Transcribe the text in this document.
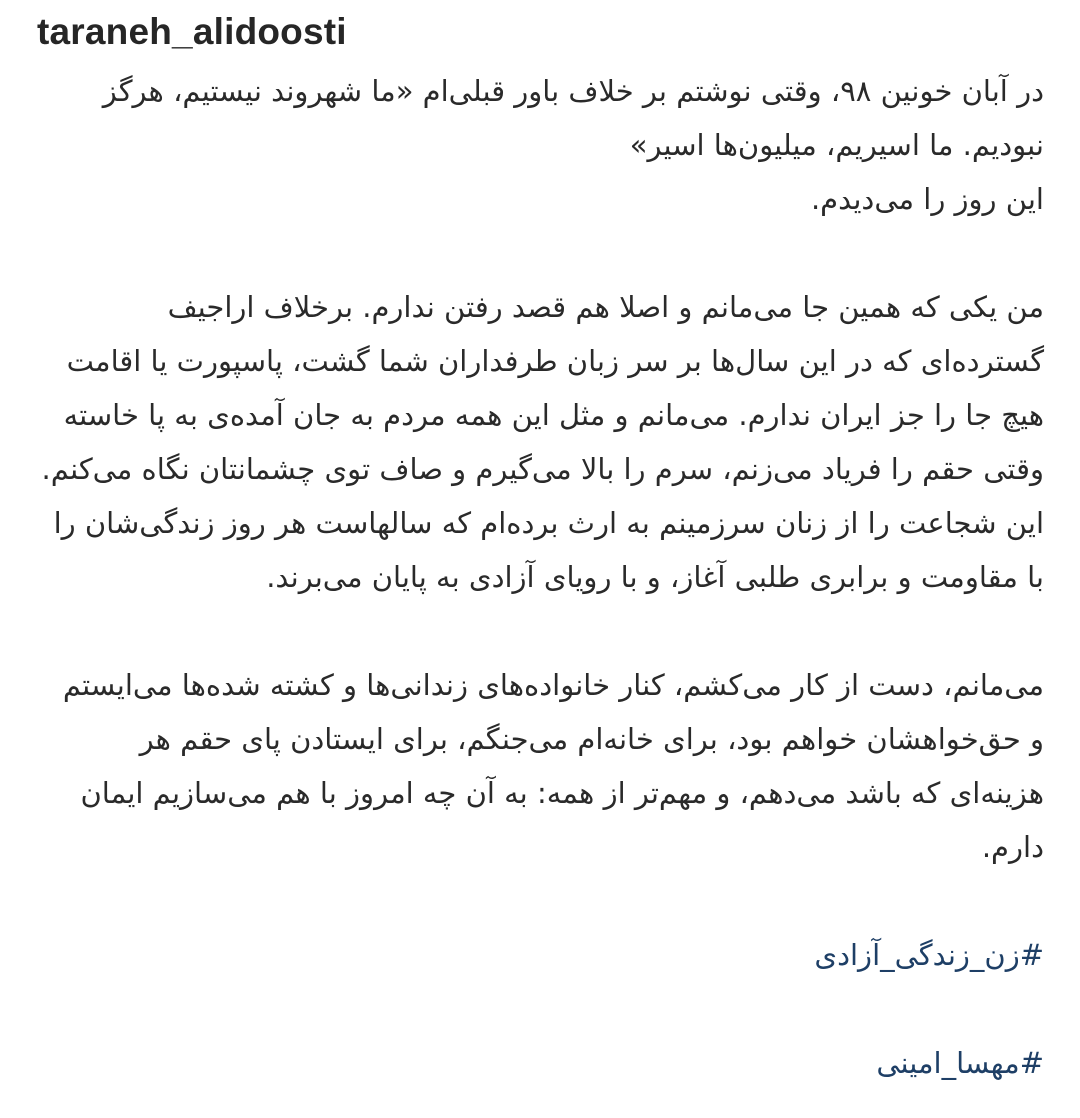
taraneh_alidoosti

در آبان خونین ۹۸، وقتی نوشتم بر خلاف باور قبلی‌ام «ما شهروند نیستیم، هرگز نبودیم. ما اسیریم، میلیون‌ها اسیر»
این روز را می‌دیدم.

من یکی که همین جا می‌مانم و اصلا هم قصد رفتن ندارم. برخلاف اراجیف گسترده‌ای که در این سال‌ها بر سر زبان طرفداران شما گشت، پاسپورت یا اقامت هیچ جا را جز ایران ندارم. می‌مانم و مثل این همه مردم به جان آمده‌ی به پا خاسته وقتی حقم را فریاد می‌زنم، سرم را بالا می‌گیرم و صاف توی چشمانتان نگاه می‌کنم. این شجاعت را از زنان سرزمینم به ارث برده‌ام که سالهاست هر روز زندگی‌شان را با مقاومت و برابری طلبی آغاز، و با رویای آزادی به پایان می‌برند.

می‌مانم، دست از کار می‌کشم، کنار خانواده‌های زندانی‌ها و کشته شده‌ها می‌ایستم و حق‌خواهشان خواهم بود، برای خانه‌ام می‌جنگم، برای ایستادن پای حقم هر هزینه‌ای که باشد می‌دهم، و مهم‌تر از همه: به آن چه امروز با هم می‌سازیم ایمان دارم.

#زن_زندگی_آزادی
#مهسا_امینی
